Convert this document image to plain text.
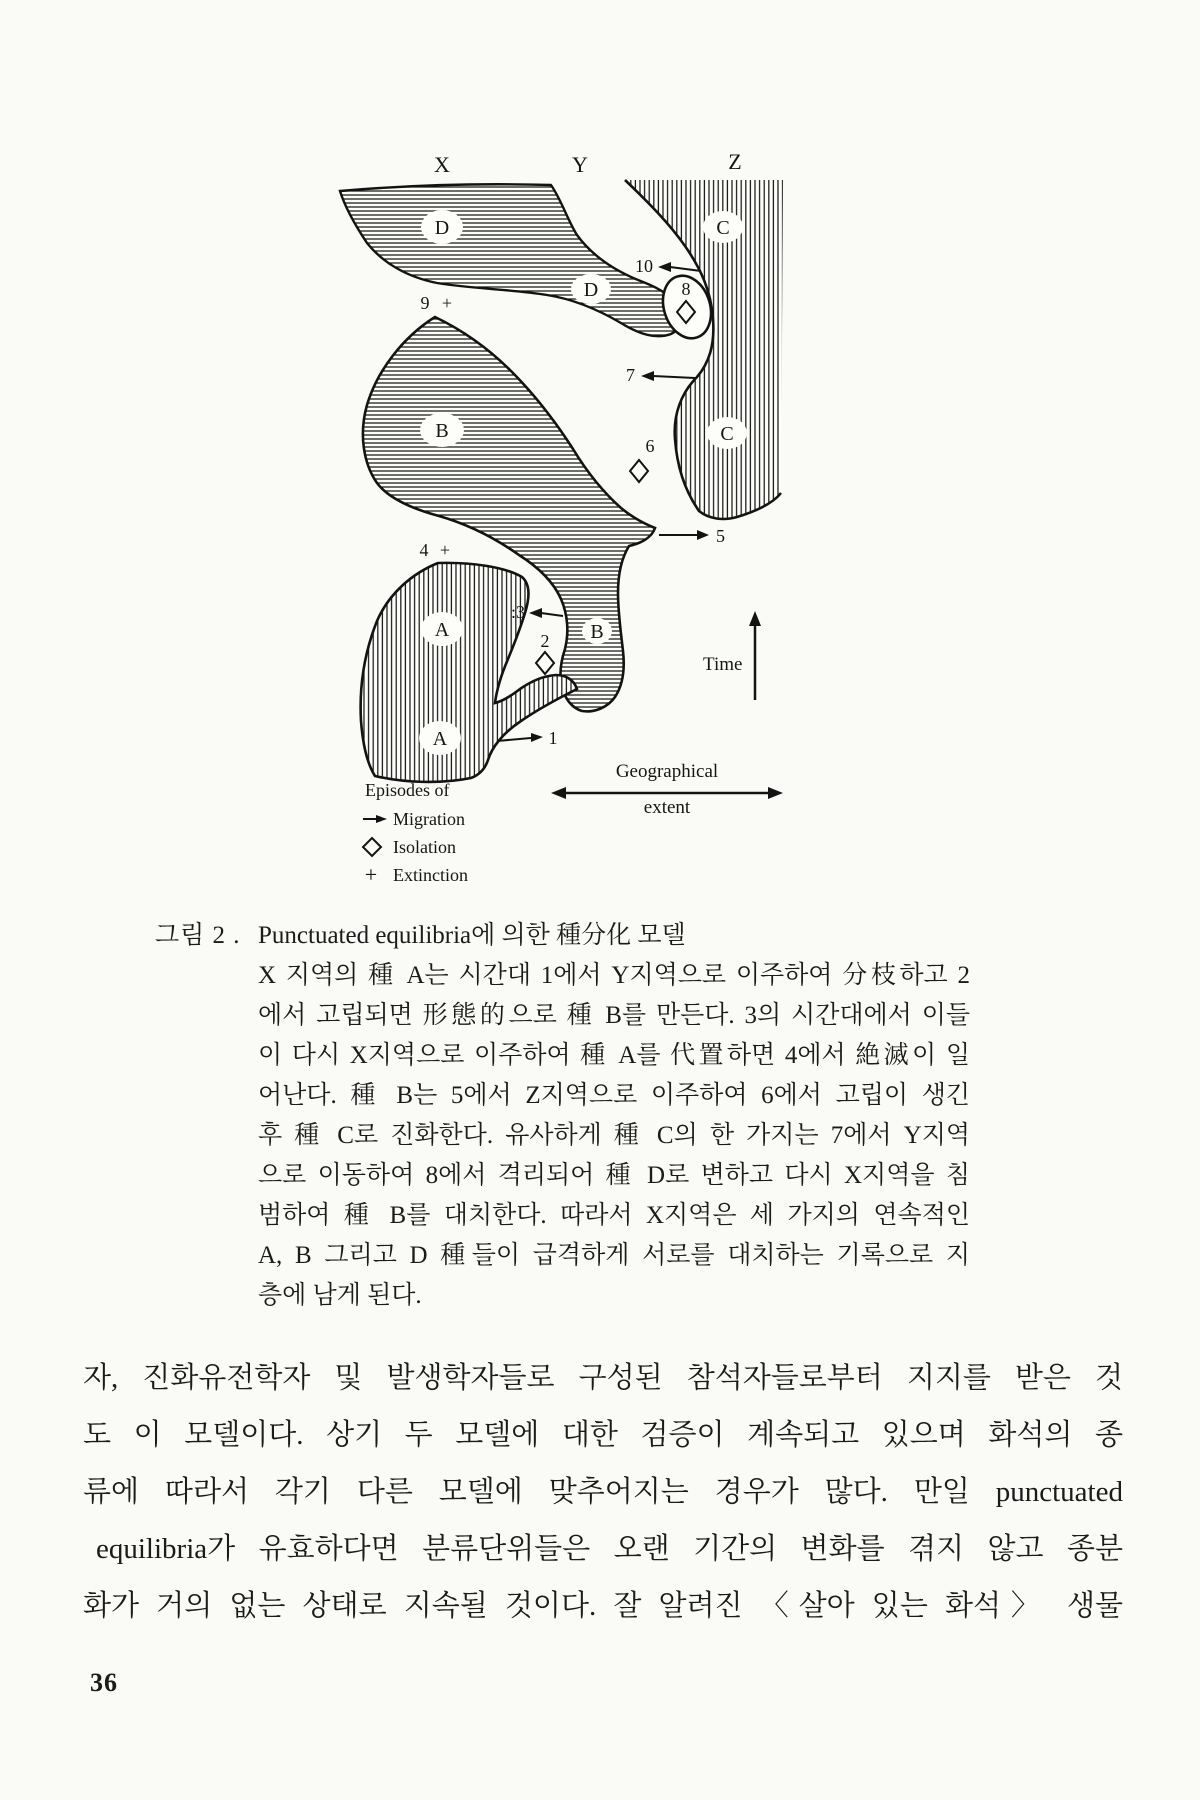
X	Y	Z
D
D
C
C
B
B
A
A
10
8
9 +
7
6
5
4 +
:3
2
1
Time
Geographical
extent
Episodes of
Migration
Isolation
+ Extinction
그림 2 . Punctuated equilibria에 의한 種分化 모델
X 지역의 種 A는 시간대 1에서 Y지역으로 이주하여 分枝하고 2
에서 고립되면 形態的으로 種 B를 만든다. 3의 시간대에서 이들
이 다시 X지역으로 이주하여 種 A를 代置하면 4에서 絶滅이 일
어난다. 種 B는 5에서 Z지역으로 이주하여 6에서 고립이 생긴
후 種 C로 진화한다. 유사하게 種 C의 한 가지는 7에서 Y지역
으로 이동하여 8에서 격리되어 種 D로 변하고 다시 X지역을 침
범하여 種 B를 대치한다. 따라서 X지역은 세 가지의 연속적인
A, B 그리고 D 種들이 급격하게 서로를 대치하는 기록으로 지
층에 남게 된다.
자, 진화유전학자 및 발생학자들로 구성된 참석자들로부터 지지를 받은 것
도 이 모델이다. 상기 두 모델에 대한 검증이 계속되고 있으며 화석의 종
류에 따라서 각기 다른 모델에 맞추어지는 경우가 많다. 만일 punctuated
equilibria가 유효하다면 분류단위들은 오랜 기간의 변화를 겪지 않고 종분
화가 거의 없는 상태로 지속될 것이다. 잘 알려진 〈살아 있는 화석〉 생물
36
